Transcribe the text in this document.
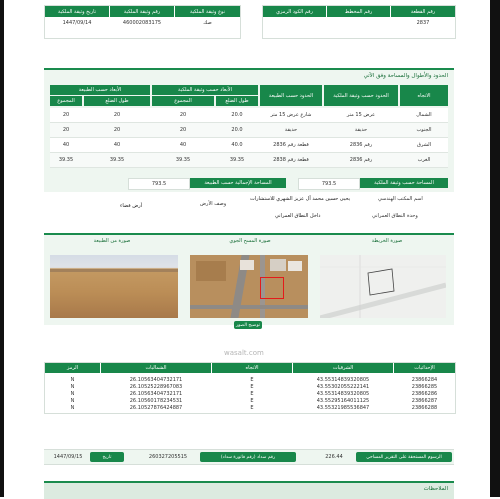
تاريخ وثيقة الملكية	رقم وثيقة الملكية	نوع وثيقة الملكية
1447/09/14	460002083175	صك
رقم الكود الرمزي	رقم المخطط	رقم القطعة
2837
الحدود والأطوال والمساحة وفق الآتي
المجموع	طول الضلع
الأبعاد حسب الطبيعة
المجموع	طول الضلع
الأبعاد حسب وثيقة الملكية
الحدود حسب الطبيعة	الحدود حسب وثيقة الملكية	الاتجاه
20	20	20	20.0	شارع عرض 15 متر	عرض 15 متر	الشمال
20	20	20	20.0	حديقة	حديقة	الجنوب
40	40	40	40.0	قطعة رقم 2836	رقم 2836	الشرق
39.35	39.35	39.35	39.35	قطعة رقم 2838	رقم 2836	الغرب
793.5	المساحة الإجمالية حسب الطبيعة	793.5	المساحة حسب وثيقة الملكية
أرض فضاء	وصف الأرض
يحيى حسين محمد آل عزيز الشهري للاستشارات	اسم المكتب الهندسي
داخل النطاق العمراني	وحدة النطاق العمراني
صورة من الطبيعة	صورة المسح الجوي	صورة الخريطة
توضيح الصور
wasalt.com
الرمز	الشماليات	الاتجاه	الشرقيات	الإحداثيات
N	26.10563404732171	E	43.55314839320805	23866284
N	26.10525228967083	E	43.55302055222141	23866285
N	26.10563404732171	E	43.55314839320805	23866286
N	26.10560178234531	E	43.55295164011125	23866287
N	26.10527876424887	E	43.55321985536847	23866288
1447/09/15	تاريخ	260327205515	رقم سداد (رقم فاتورة سداد)	226.44	الرسوم المستحقة على التقرير المساحي
الملاحظات
